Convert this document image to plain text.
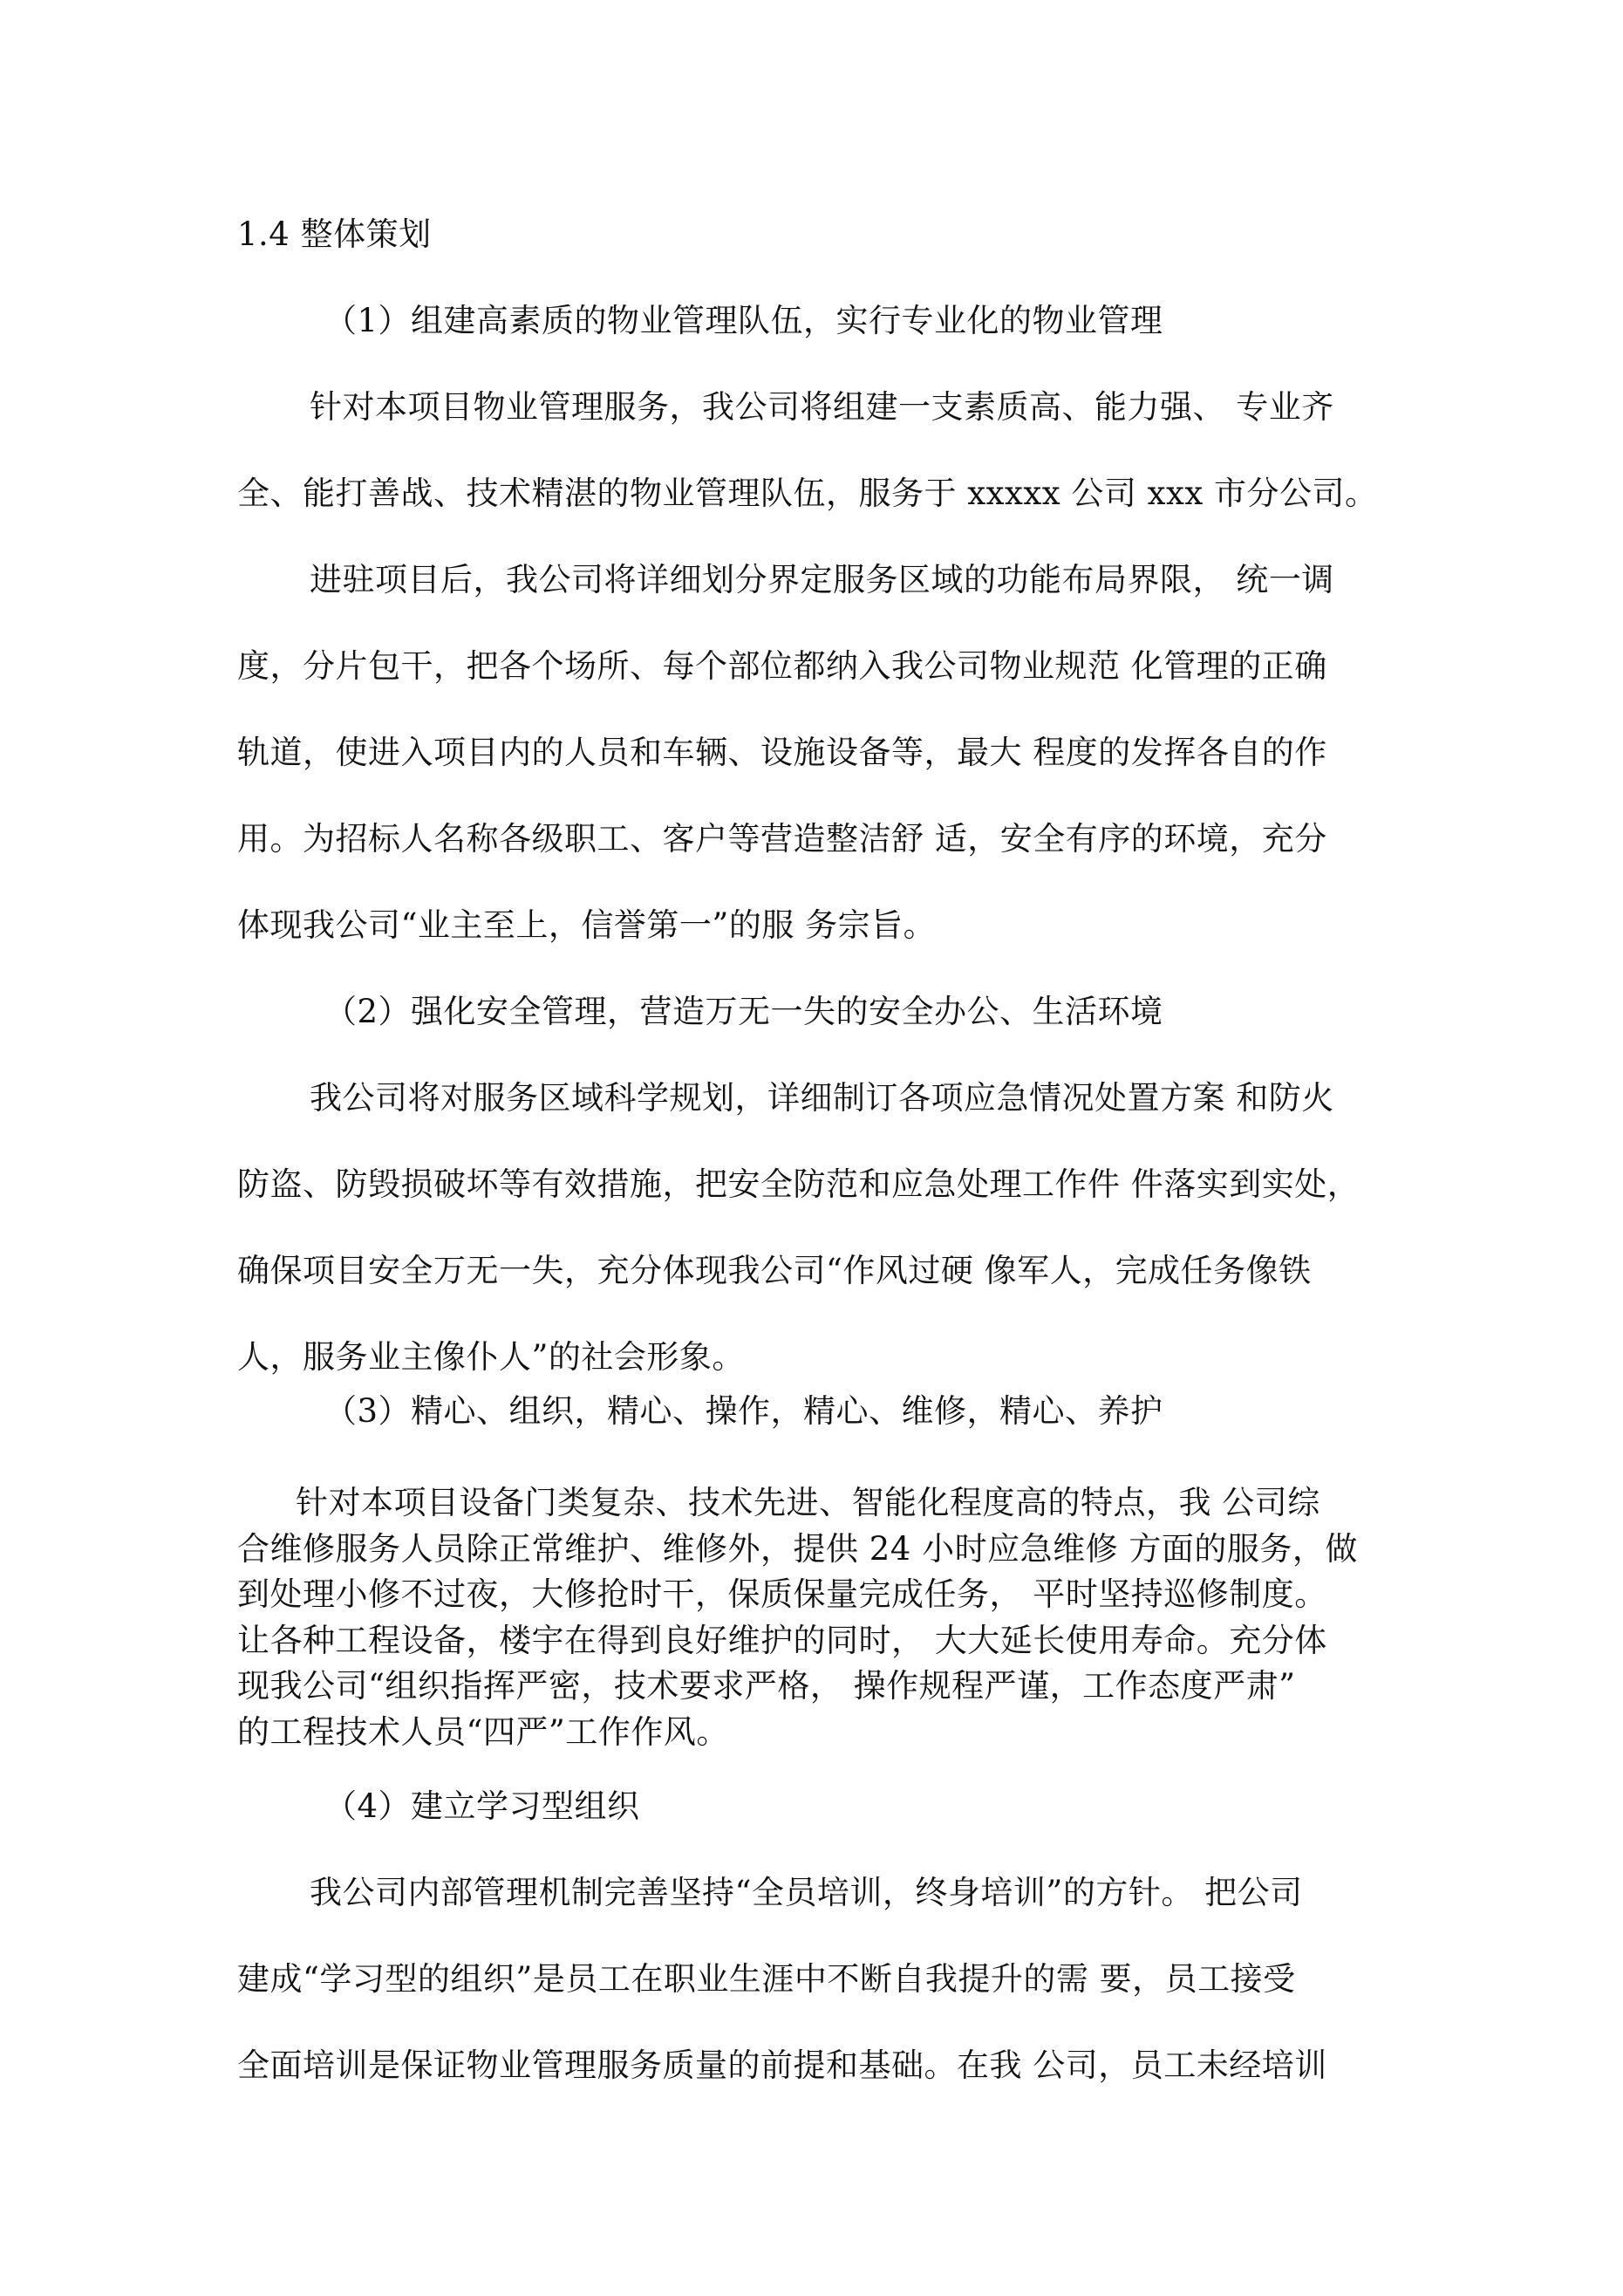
1.4 整体策划
（1）组建高素质的物业管理队伍，实行专业化的物业管理
针对本项目物业管理服务，我公司将组建一支素质高、能力强、 专业齐
全、能打善战、技术精湛的物业管理队伍，服务于 xxxxx 公司 xxx 市分公司。
进驻项目后，我公司将详细划分界定服务区域的功能布局界限， 统一调
度，分片包干，把各个场所、每个部位都纳入我公司物业规范 化管理的正确
轨道，使进入项目内的人员和车辆、设施设备等，最大 程度的发挥各自的作
用。为招标人名称各级职工、客户等营造整洁舒 适，安全有序的环境，充分
体现我公司“业主至上，信誉第一”的服 务宗旨。
（2）强化安全管理，营造万无一失的安全办公、生活环境
我公司将对服务区域科学规划，详细制订各项应急情况处置方案 和防火
防盗、防毁损破坏等有效措施，把安全防范和应急处理工作件 件落实到实处，
确保项目安全万无一失，充分体现我公司“作风过硬 像军人，完成任务像铁
人，服务业主像仆人”的社会形象。
（3）精心、组织，精心、操作，精心、维修，精心、养护
针对本项目设备门类复杂、技术先进、智能化程度高的特点，我 公司综
合维修服务人员除正常维护、维修外，提供 24 小时应急维修 方面的服务，做
到处理小修不过夜，大修抢时干，保质保量完成任务， 平时坚持巡修制度。
让各种工程设备，楼宇在得到良好维护的同时， 大大延长使用寿命。充分体
现我公司“组织指挥严密，技术要求严格， 操作规程严谨，工作态度严肃”
的工程技术人员“四严”工作作风。
（4）建立学习型组织
我公司内部管理机制完善坚持“全员培训，终身培训”的方针。 把公司
建成“学习型的组织”是员工在职业生涯中不断自我提升的需 要，员工接受
全面培训是保证物业管理服务质量的前提和基础。在我 公司，员工未经培训
